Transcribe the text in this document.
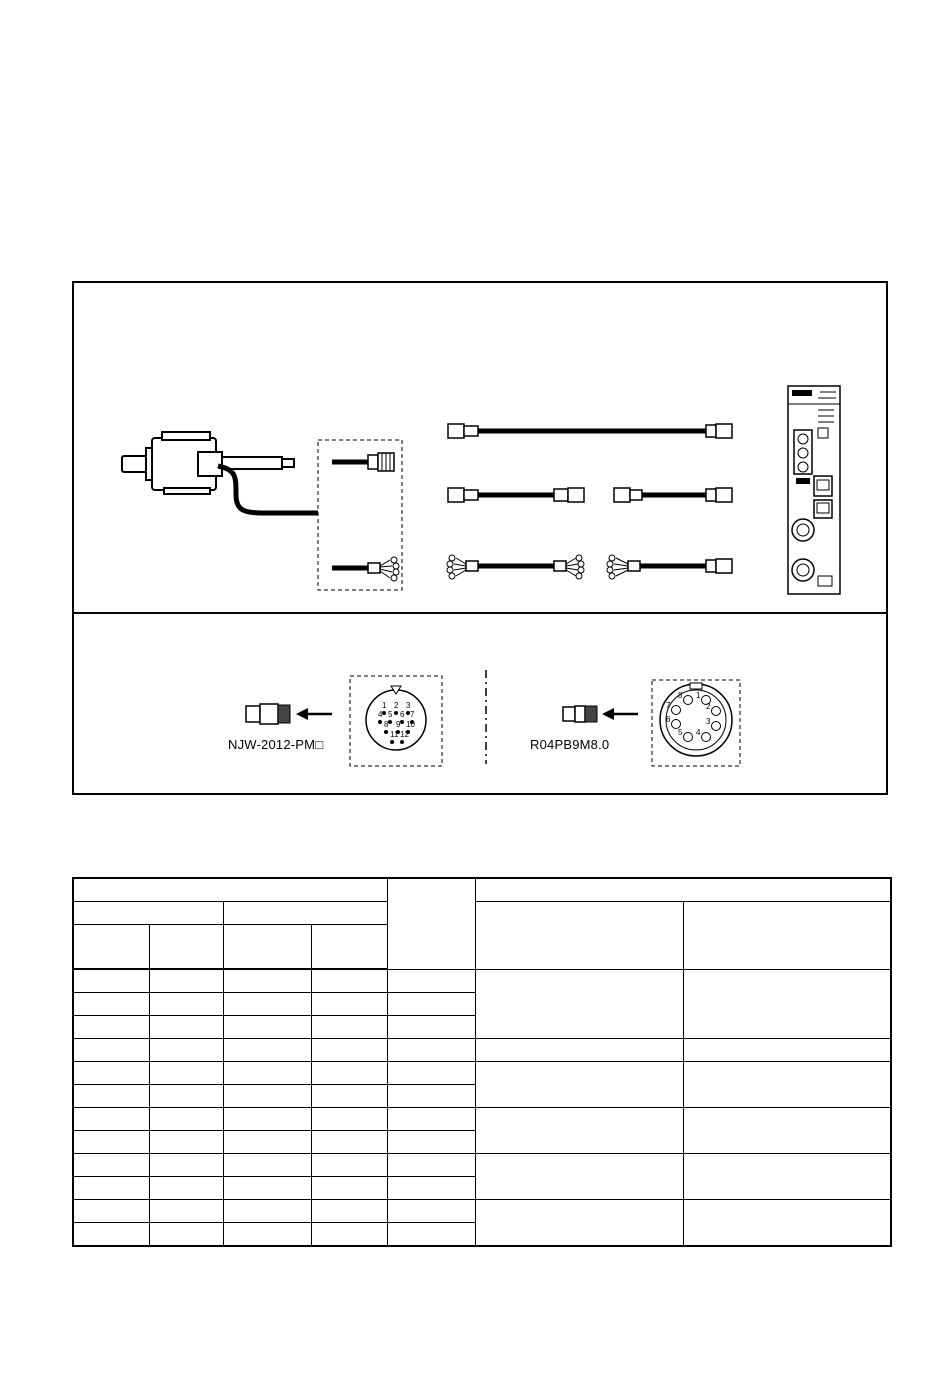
1 2 3
4 5 6 7
8 9 10
11 12
1
2
3
4
5
6
7
8
NJW-2012-PM□	R04PB9M8.0
